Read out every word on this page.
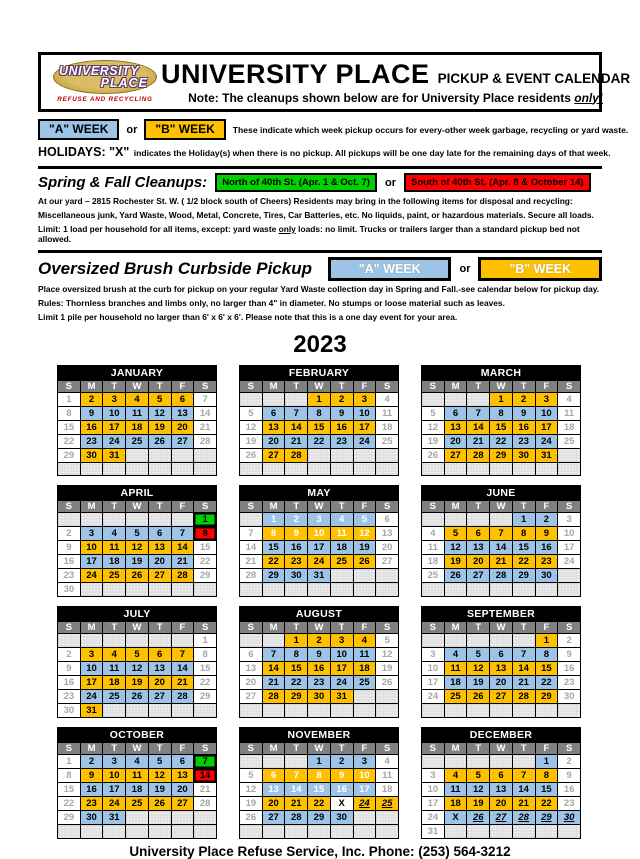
UNIVERSITY
PLACE
REFUSE AND RECYCLING
UNIVERSITY PLACE PICKUP & EVENT CALENDAR
Note: The cleanups shown below are for University Place residents only!
"A" WEEK	or	"B" WEEK	These indicate which week pickup occurs for every-other week garbage, recycling or yard waste.
HOLIDAYS: "X" indicates the Holiday(s) when there is no pickup. All pickups will be one day late for the remaining days of that week.
Spring & Fall Cleanups:	North of 40th St. (Apr. 1 & Oct. 7)	or	South of 40th St. (Apr. 8 & October 14)
At our yard – 2815 Rochester St. W. ( 1/2 block south of Cheers) Residents may bring in the following items for disposal and recycling:
Miscellaneous junk, Yard Waste, Wood, Metal, Concrete, Tires, Car Batteries, etc. No liquids, paint, or hazardous materials. Secure all loads.
Limit: 1 load per household for all items, except: yard waste only loads: no limit. Trucks or trailers larger than a standard pickup bed not allowed.
Oversized Brush Curbside Pickup	"A" WEEK	or	"B" WEEK
Place oversized brush at the curb for pickup on your regular Yard Waste collection day in Spring and Fall.-see calendar below for pickup day.
Rules: Thornless branches and limbs only, no larger than 4" in diameter. No stumps or loose material such as leaves.
Limit 1 pile per household no larger than 6' x 6' x 6'. Please note that this is a one day event for your area.
2023
JANUARY						
S	M	T	W	T	F	S
1	2	3	4	5	6	7
8	9	10	11	12	13	14
15	16	17	18	19	20	21
22	23	24	25	26	27	28
29	30	31				

FEBRUARY						
S	M	T	W	T	F	S
			1	2	3	4
5	6	7	8	9	10	11
12	13	14	15	16	17	18
19	20	21	22	23	24	25
26	27	28				

MARCH						
S	M	T	W	T	F	S
			1	2	3	4
5	6	7	8	9	10	11
12	13	14	15	16	17	18
19	20	21	22	23	24	25
26	27	28	29	30	31	

APRIL						
S	M	T	W	T	F	S
						1
2	3	4	5	6	7	8
9	10	11	12	13	14	15
16	17	18	19	20	21	22
23	24	25	26	27	28	29
30						
MAY						
S	M	T	W	T	F	S
	1	2	3	4	5	6
7	8	9	10	11	12	13
14	15	16	17	18	19	20
21	22	23	24	25	26	27
28	29	30	31			

JUNE						
S	M	T	W	T	F	S
				1	2	3
4	5	6	7	8	9	10
11	12	13	14	15	16	17
18	19	20	21	22	23	24
25	26	27	28	29	30	

JULY						
S	M	T	W	T	F	S
						1
2	3	4	5	6	7	8
9	10	11	12	13	14	15
16	17	18	19	20	21	22
23	24	25	26	27	28	29
30	31					
AUGUST						
S	M	T	W	T	F	S
		1	2	3	4	5
6	7	8	9	10	11	12
13	14	15	16	17	18	19
20	21	22	23	24	25	26
27	28	29	30	31		

SEPTEMBER						
S	M	T	W	T	F	S
					1	2
3	4	5	6	7	8	9
10	11	12	13	14	15	16
17	18	19	20	21	22	23
24	25	26	27	28	29	30

OCTOBER						
S	M	T	W	T	F	S
1	2	3	4	5	6	7
8	9	10	11	12	13	14
15	16	17	18	19	20	21
22	23	24	25	26	27	28
29	30	31				

NOVEMBER						
S	M	T	W	T	F	S
			1	2	3	4
5	6	7	8	9	10	11
12	13	14	15	16	17	18
19	20	21	22	X	24	25
26	27	28	29	30		

DECEMBER						
S	M	T	W	T	F	S
					1	2
3	4	5	6	7	8	9
10	11	12	13	14	15	16
17	18	19	20	21	22	23
24	X	26	27	28	29	30
31						
University Place Refuse Service, Inc. Phone: (253) 564-3212
